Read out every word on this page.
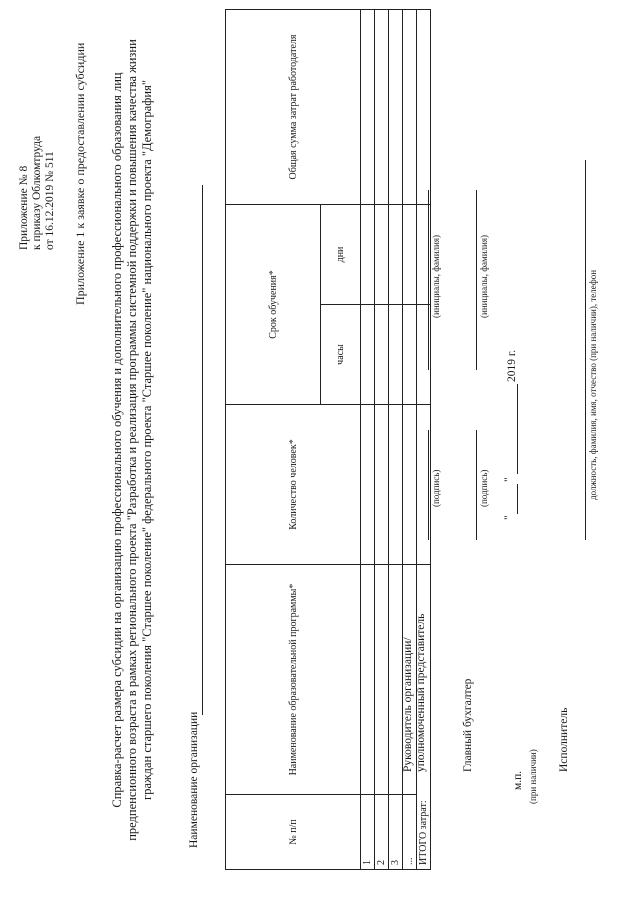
Приложение № 8 к приказу Облкомтруда от 16.12.2019 № 511 Приложение 1 к заявке о предоставлении субсидии Справка-расчет размера субсидии на организацию профессионального обучения и дополнительного профессионального образования лиц предпенсионного возраста в рамках регионального проекта "Разработка и реализация программы системной поддержки и повышения качества жизни граждан старшего поколения "Старшее поколение" федерального проекта "Старшее поколение" национального проекта "Демография"	Наименование организации	№ п/п	Наименование образовательной программы*	Количество человек*	Срок обучения*		Общая сумма затрат работодателя
			часы	дни	
1					
2					
3					
...					
ИТОГО затрат:					
Руководитель организации/ уполномоченный представитель
(подпись)
(инициалы, фамилия)
Главный бухгалтер
(подпись)
(инициалы, фамилия)
м.п. (при наличии)
"
"
2019 г.
Исполнитель
должность, фамилия, имя, отчество (при наличии), телефон
